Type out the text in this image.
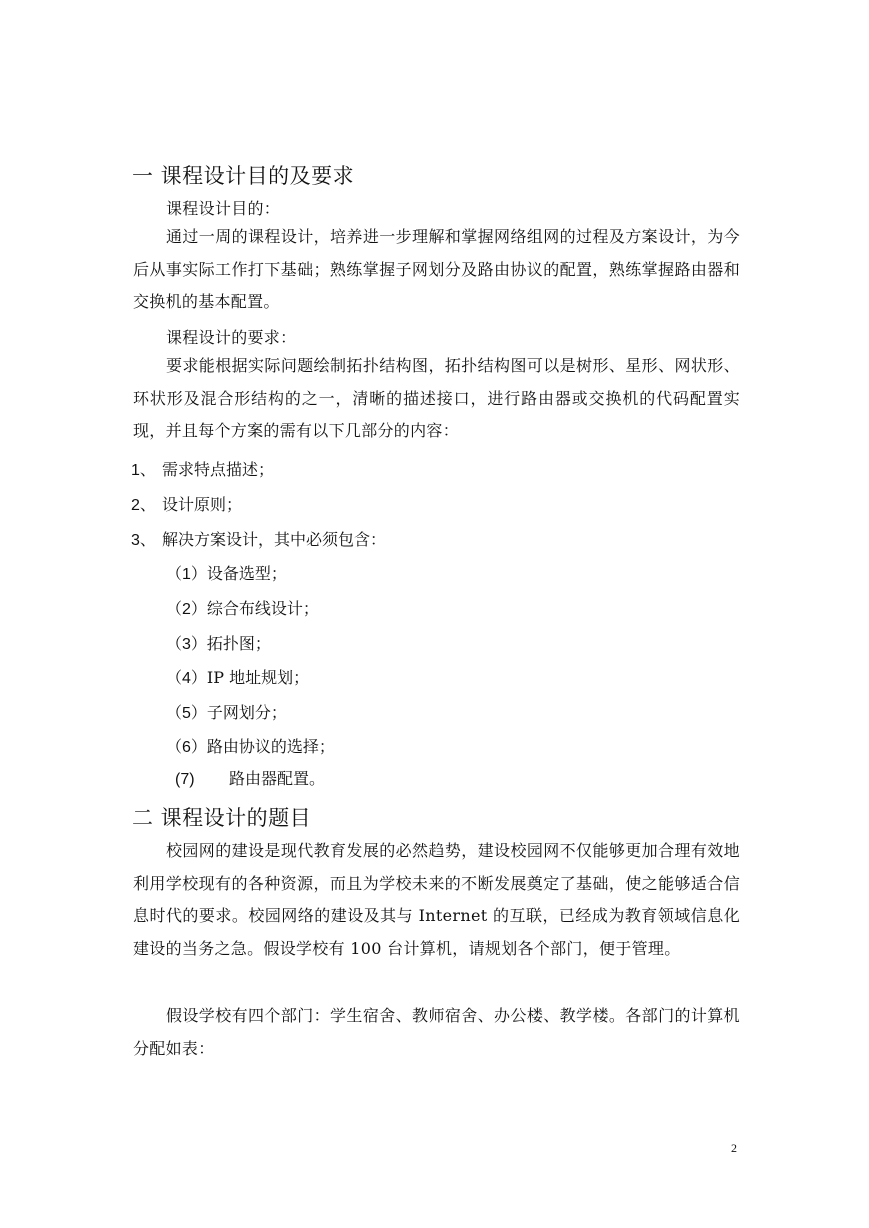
一 课程设计目的及要求
课程设计目的：
通过一周的课程设计，培养进一步理解和掌握网络组网的过程及方案设计，为今后从事实际工作打下基础；熟练掌握子网划分及路由协议的配置，熟练掌握路由器和交换机的基本配置。
课程设计的要求：
要求能根据实际问题绘制拓扑结构图，拓扑结构图可以是树形、星形、网状形、环状形及混合形结构的之一，清晰的描述接口，进行路由器或交换机的代码配置实现，并且每个方案的需有以下几部分的内容：
1、 需求特点描述；
2、 设计原则；
3、 解决方案设计，其中必须包含：
（1）设备选型；
（2）综合布线设计；
（3）拓扑图；
（4）IP 地址规划；
（5）子网划分；
（6）路由协议的选择；
(7) 路由器配置。
二 课程设计的题目
校园网的建设是现代教育发展的必然趋势，建设校园网不仅能够更加合理有效地利用学校现有的各种资源，而且为学校未来的不断发展奠定了基础，使之能够适合信息时代的要求。校园网络的建设及其与 Internet 的互联，已经成为教育领域信息化建设的当务之急。假设学校有 100 台计算机，请规划各个部门，便于管理。
假设学校有四个部门：学生宿舍、教师宿舍、办公楼、教学楼。各部门的计算机分配如表：
2
